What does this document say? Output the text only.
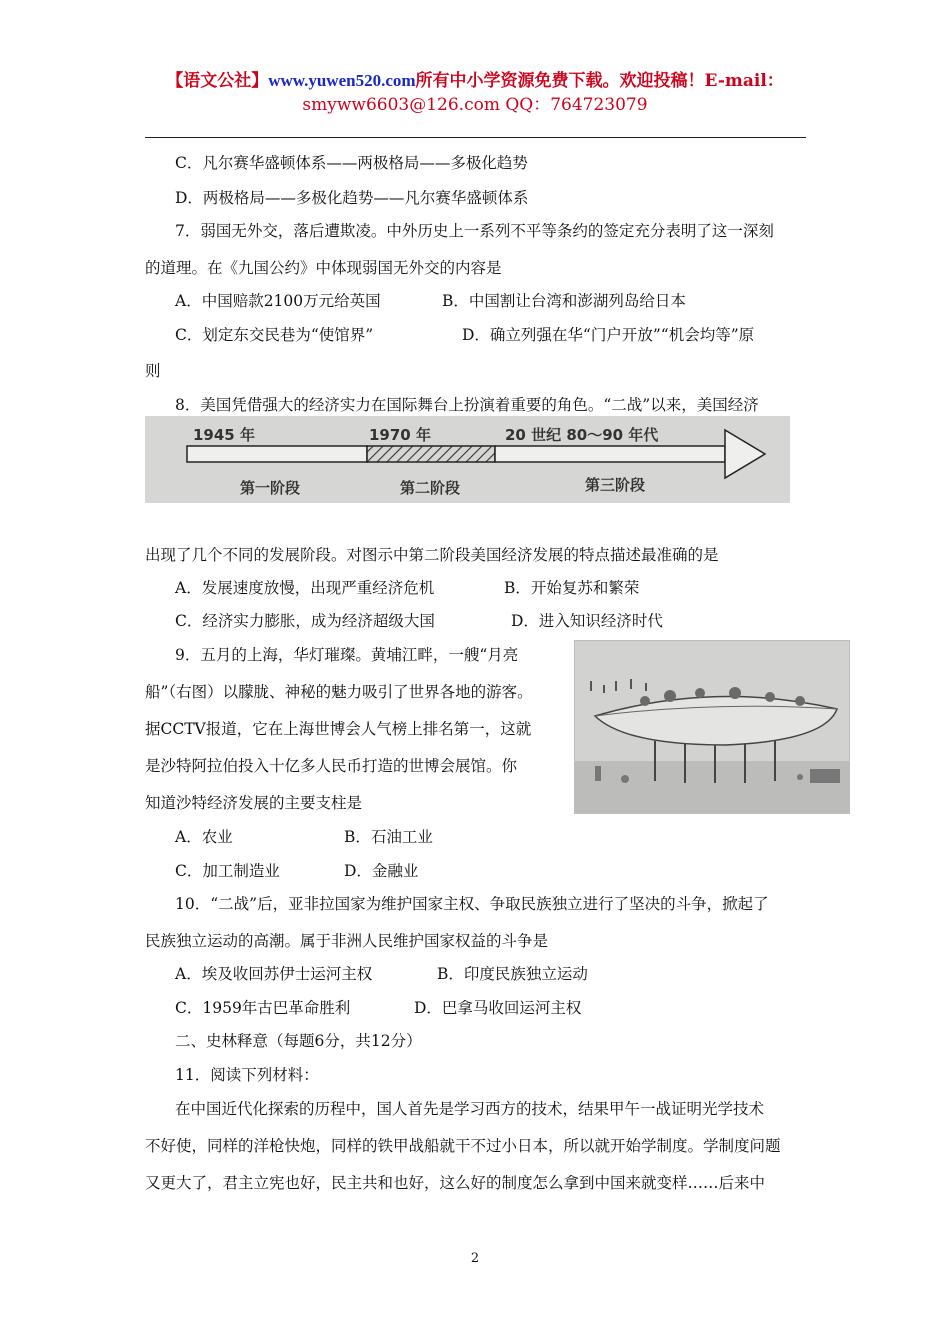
【语文公社】www.yuwen520.com所有中小学资源免费下载。欢迎投稿！E-mail：
smyww6603@126.com QQ：764723079
C．凡尔赛华盛顿体系——两极格局——多极化趋势
D．两极格局——多极化趋势——凡尔赛华盛顿体系
7．弱国无外交，落后遭欺凌。中外历史上一系列不平等条约的签定充分表明了这一深刻
的道理。在《九国公约》中体现弱国无外交的内容是
A．中国赔款2100万元给英国	B．中国割让台湾和澎湖列岛给日本
C．划定东交民巷为“使馆界”	D．确立列强在华“门户开放”“机会均等”原
则
8．美国凭借强大的经济实力在国际舞台上扮演着重要的角色。“二战”以来，美国经济
1945 年	1970 年	20 世纪 80～90 年代
第一阶段	第二阶段	第三阶段
出现了几个不同的发展阶段。对图示中第二阶段美国经济发展的特点描述最准确的是
A．发展速度放慢，出现严重经济危机	B．开始复苏和繁荣
C．经济实力膨胀，成为经济超级大国	D．进入知识经济时代
9．五月的上海，华灯璀璨。黄埔江畔，一艘“月亮
船”（右图）以朦胧、神秘的魅力吸引了世界各地的游客。
据CCTV报道，它在上海世博会人气榜上排名第一，这就
是沙特阿拉伯投入十亿多人民币打造的世博会展馆。你
知道沙特经济发展的主要支柱是
A．农业	B．石油工业
C．加工制造业	D．金融业
10．“二战”后，亚非拉国家为维护国家主权、争取民族独立进行了坚决的斗争，掀起了
民族独立运动的高潮。属于非洲人民维护国家权益的斗争是
A．埃及收回苏伊士运河主权	B．印度民族独立运动
C．1959年古巴革命胜利	D．巴拿马收回运河主权
二、史林释意（每题6分，共12分）
11．阅读下列材料：
在中国近代化探索的历程中，国人首先是学习西方的技术，结果甲午一战证明光学技术
不好使，同样的洋枪快炮，同样的铁甲战船就干不过小日本，所以就开始学制度。学制度问题
又更大了，君主立宪也好，民主共和也好，这么好的制度怎么拿到中国来就变样……后来中
2
